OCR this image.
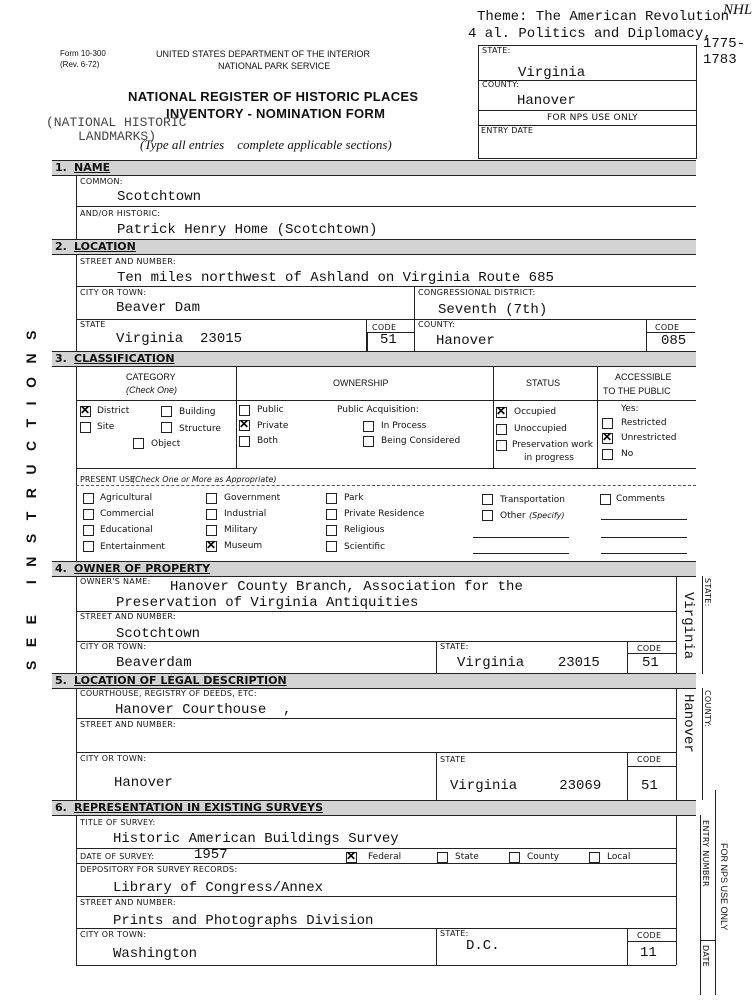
Theme: The American Revolution
NHL
4 al. Politics and Diplomacy,
1775-
1783
Form 10-300
(Rev. 6-72)
UNITED STATES DEPARTMENT OF THE INTERIOR
NATIONAL PARK SERVICE
NATIONAL REGISTER OF HISTORIC PLACES
INVENTORY - NOMINATION FORM
(Type all entries    complete applicable sections)
(NATIONAL HISTORIC
LANDMARKS)
STATE:
Virginia
COUNTY:
Hanover
FOR NPS USE ONLY
ENTRY DATE
SEE INSTRUCTIONS
1. NAME
COMMON:
Scotchtown
AND/OR HISTORIC:
Patrick Henry Home (Scotchtown)
2. LOCATION
STREET AND NUMBER:
Ten miles northwest of Ashland on Virginia Route 685
CITY OR TOWN:
Beaver Dam
CONGRESSIONAL DISTRICT:
Seventh (7th)
STATE
Virginia  23015
CODE
51
COUNTY:
Hanover
CODE
085
3. CLASSIFICATION
CATEGORY
(Check One)
OWNERSHIP	STATUS
ACCESSIBLE
TO THE PUBLIC
✕
District	Building
Site	Structure
Object
Public
✕
Private
Both
Public Acquisition:
In Process
Being Considered
✕
Occupied
Unoccupied
Preservation work
in progress
Yes:
Restricted
✕
Unrestricted
No
PRESENT USE
(Check One or More as Appropriate)
Agricultural
Commercial
Educational
Entertainment
Government
Industrial
Military
✕
Museum
Park
Private Residence
Religious
Scientific
Transportation
Other (Specify)
Comments
4. OWNER OF PROPERTY
OWNER'S NAME: Hanover County Branch, Association for the
Preservation of Virginia Antiquities
STREET AND NUMBER:
Scotchtown
CITY OR TOWN:
Beaverdam
STATE:
Virginia    23015
CODE
51
STATE:
Virginia
5. LOCATION OF LEGAL DESCRIPTION
COURTHOUSE, REGISTRY OF DEEDS, ETC:
Hanover Courthouse  ,
STREET AND NUMBER:
CITY OR TOWN:
Hanover
STATE
Virginia     23069
CODE
51
COUNTY:
Hanover
6. REPRESENTATION IN EXISTING SURVEYS
TITLE OF SURVEY:
Historic American Buildings Survey
DATE OF SURVEY:	1957
✕	Federal	State	County	Local
DEPOSITORY FOR SURVEY RECORDS:
Library of Congress/Annex
STREET AND NUMBER:
Prints and Photographs Division
CITY OR TOWN:
Washington
STATE:
D.C.
CODE
11
ENTRY NUMBER FOR NPS USE ONLY
DATE
